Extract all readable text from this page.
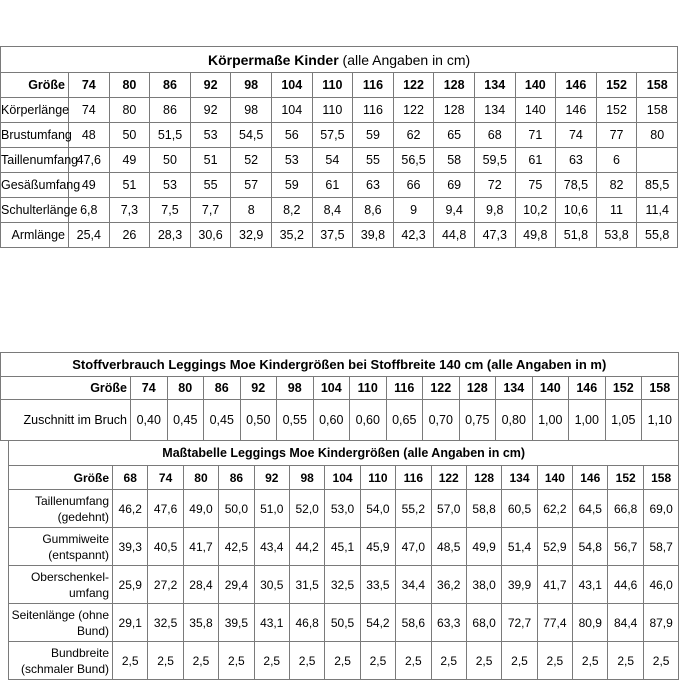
Körpermaße Kinder (alle Angaben in cm)															
Größe	74	80	86	92	98	104	110	116	122	128	134	140	146	152	158
Körperlänge	74	80	86	92	98	104	110	116	122	128	134	140	146	152	158
Brustumfang	48	50	51,5	53	54,5	56	57,5	59	62	65	68	71	74	77	80
Taillenumfang	47,6	49	50	51	52	53	54	55	56,5	58	59,5	61	63	6	
Gesäßumfang	49	51	53	55	57	59	61	63	66	69	72	75	78,5	82	85,5
Schulterlänge	6,8	7,3	7,5	7,7	8	8,2	8,4	8,6	9	9,4	9,8	10,2	10,6	11	11,4
Armlänge	25,4	26	28,3	30,6	32,9	35,2	37,5	39,8	42,3	44,8	47,3	49,8	51,8	53,8	55,8
Stoffverbrauch Leggings Moe Kindergrößen bei Stoffbreite 140 cm (alle Angaben in m)															
Größe	74	80	86	92	98	104	110	116	122	128	134	140	146	152	158
Zuschnitt im Bruch	0,40	0,45	0,45	0,50	0,55	0,60	0,60	0,65	0,70	0,75	0,80	1,00	1,00	1,05	1,10
Maßtabelle Leggings Moe Kindergrößen (alle Angaben in cm)																
Größe	68	74	80	86	92	98	104	110	116	122	128	134	140	146	152	158
Taillenumfang (gedehnt)	46,2	47,6	49,0	50,0	51,0	52,0	53,0	54,0	55,2	57,0	58,8	60,5	62,2	64,5	66,8	69,0
Gummiweite (entspannt)	39,3	40,5	41,7	42,5	43,4	44,2	45,1	45,9	47,0	48,5	49,9	51,4	52,9	54,8	56,7	58,7
Oberschenkel-umfang	25,9	27,2	28,4	29,4	30,5	31,5	32,5	33,5	34,4	36,2	38,0	39,9	41,7	43,1	44,6	46,0
Seitenlänge (ohne Bund)	29,1	32,5	35,8	39,5	43,1	46,8	50,5	54,2	58,6	63,3	68,0	72,7	77,4	80,9	84,4	87,9
Bundbreite (schmaler Bund)	2,5	2,5	2,5	2,5	2,5	2,5	2,5	2,5	2,5	2,5	2,5	2,5	2,5	2,5	2,5	2,5
